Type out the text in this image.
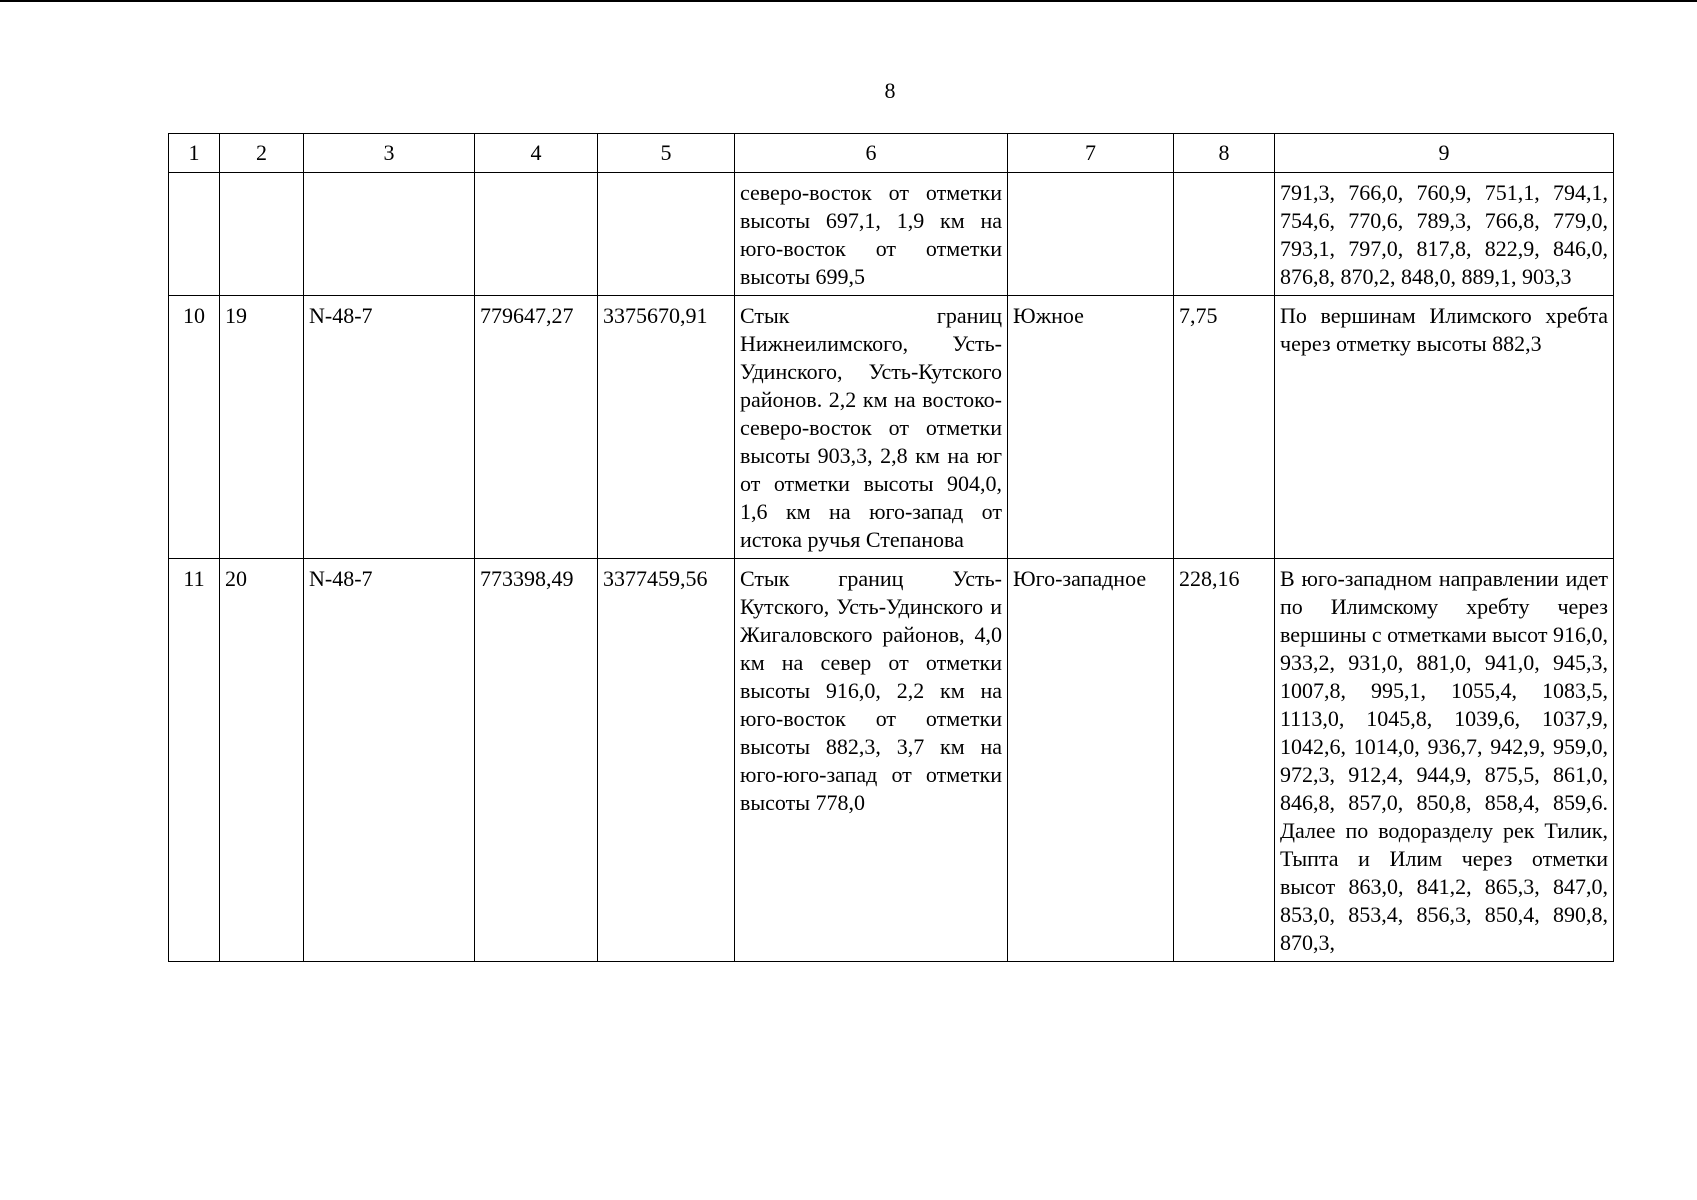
8
1	2	3	4	5	6	7	8	9
					северо-восток от отметки высоты 697,1, 1,9 км на юго-восток от отметки высоты 699,5			791,3, 766,0, 760,9, 751,1, 794,1, 754,6, 770,6, 789,3, 766,8, 779,0, 793,1, 797,0, 817,8, 822,9, 846,0, 876,8, 870,2, 848,0, 889,1, 903,3
10	19	N-48-7	779647,27	3375670,91	Стык границ Нижнеилимского, Усть-Удинского, Усть-Кутского районов. 2,2 км на востоко-северо-восток от отметки высоты 903,3, 2,8 км на юг от отметки высоты 904,0, 1,6 км на юго-запад от истока ручья Степанова	Южное	7,75	По вершинам Илимского хребта через отметку высоты 882,3
11	20	N-48-7	773398,49	3377459,56	Стык границ Усть-Кутского, Усть-Удинского и Жигаловского районов, 4,0 км на север от отметки высоты 916,0, 2,2 км на юго-восток от отметки высоты 882,3, 3,7 км на юго-юго-запад от отметки высоты 778,0	Юго-западное	228,16	В юго-западном направлении идет по Илимскому хребту через вершины с отметками высот 916,0, 933,2, 931,0, 881,0, 941,0, 945,3, 1007,8, 995,1, 1055,4, 1083,5, 1113,0, 1045,8, 1039,6, 1037,9, 1042,6, 1014,0, 936,7, 942,9, 959,0, 972,3, 912,4, 944,9, 875,5, 861,0, 846,8, 857,0, 850,8, 858,4, 859,6. Далее по водоразделу рек Тилик, Тыпта и Илим через отметки высот 863,0, 841,2, 865,3, 847,0, 853,0, 853,4, 856,3, 850,4, 890,8, 870,3,
